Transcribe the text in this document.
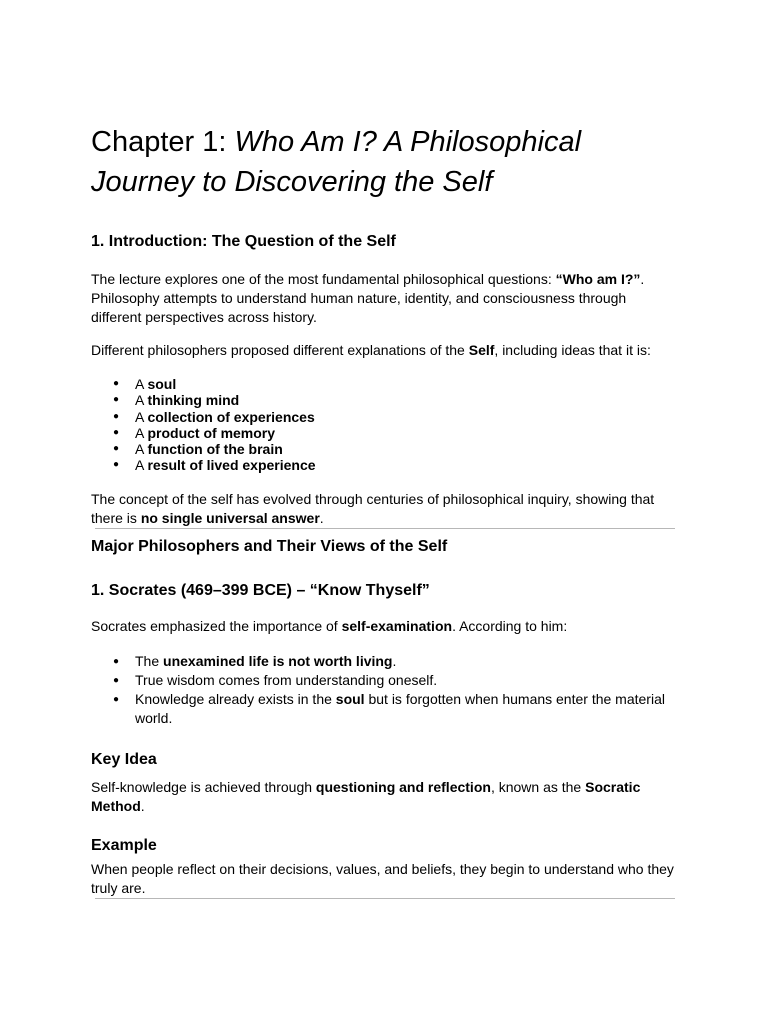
Chapter 1: Who Am I? A Philosophical Journey to Discovering the Self
1. Introduction: The Question of the Self

The lecture explores one of the most fundamental philosophical questions: “Who am I?”. Philosophy attempts to understand human nature, identity, and consciousness through different perspectives across history.

Different philosophers proposed different explanations of the Self, including ideas that it is:

● A soul
● A thinking mind
● A collection of experiences
● A product of memory
● A function of the brain
● A result of lived experience

The concept of the self has evolved through centuries of philosophical inquiry, showing that there is no single universal answer.

Major Philosophers and Their Views of the Self
1. Socrates (469–399 BCE) – “Know Thyself”

Socrates emphasized the importance of self-examination. According to him:

● The unexamined life is not worth living.
● True wisdom comes from understanding oneself.
● Knowledge already exists in the soul but is forgotten when humans enter the material world.
Key Idea

Self-knowledge is achieved through questioning and reflection, known as the Socratic Method.

Example

When people reflect on their decisions, values, and beliefs, they begin to understand who they truly are.
